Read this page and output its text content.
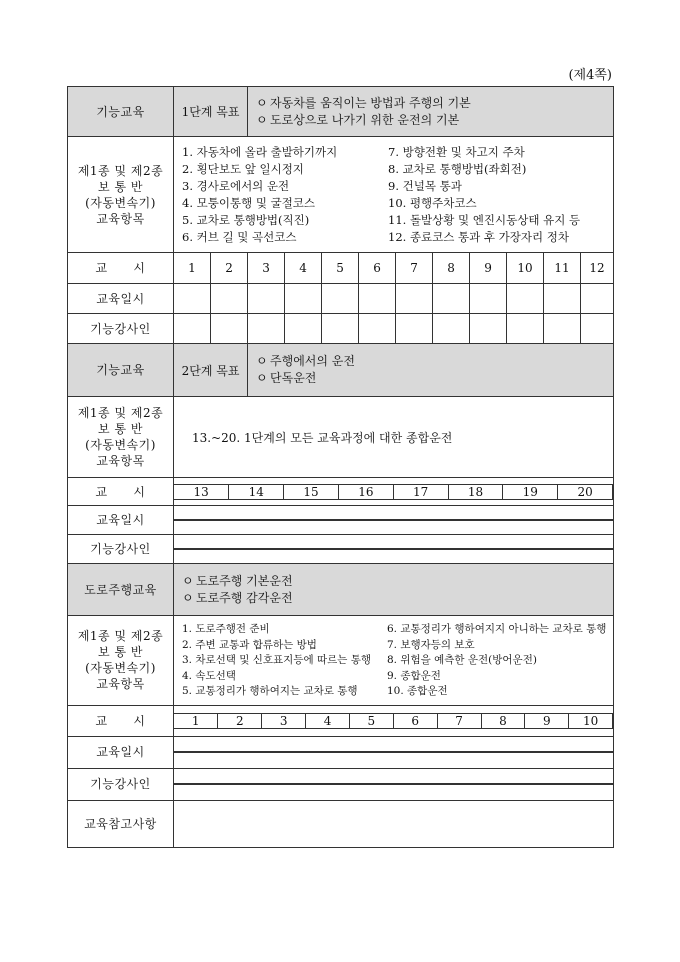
(제4쪽)
기능교육	1단계 목표	
ㅇ 자동차를 움직이는 방법과 주행의 기본
ㅇ 도로상으로 나가기 위한 운전의 기본

제1종 및 제2종
보 통 반
(자동변속기)
교육항목

1. 자동차에 올라 출발하기까지	7. 방향전환 및 차고지 주차
2. 횡단보도 앞 일시정지	8. 교차로 통행방법(좌회전)
3. 경사로에서의 운전	9. 건널목 통과
4. 모퉁이통행 및 굴절코스	10. 평행주차코스
5. 교차로 통행방법(직진)	11. 돌발상황 및 엔진시동상태 유지 등
6. 커브 길 및 곡선코스	12. 종료코스 통과 후 가장자리 정차

교      시	1	2	3	4	5	6	7	8	9	10	11	12
교육일시												
기능강사인												
기능교육	2단계 목표	
ㅇ 주행에서의 운전
ㅇ 단독운전

제1종 및 제2종
보 통 반
(자동변속기)
교육항목
	13.~20. 1단계의 모든 교육과정에 대한 종합운전
교      시		13	14	15	16	17	18	19	20

교육일시	

기능강사인	

도로주행교육	
ㅇ 도로주행 기본운전
ㅇ 도로주행 감각운전

제1종 및 제2종
보 통 반
(자동변속기)
교육항목

1. 도로주행전 준비	6. 교통정리가 행하여지지 아니하는 교차로 통행
2. 주변 교통과 합류하는 방법	7. 보행자등의 보호
3. 차로선택 및 신호표지등에 따르는 통행	8. 위험을 예측한 운전(방어운전)
4. 속도선택	9. 종합운전
5. 교통정리가 행하여지는 교차로 통행	10. 종합운전

교      시		1	2	3	4	5	6	7	8	9	10

교육일시	

기능강사인	

교육참고사항	
